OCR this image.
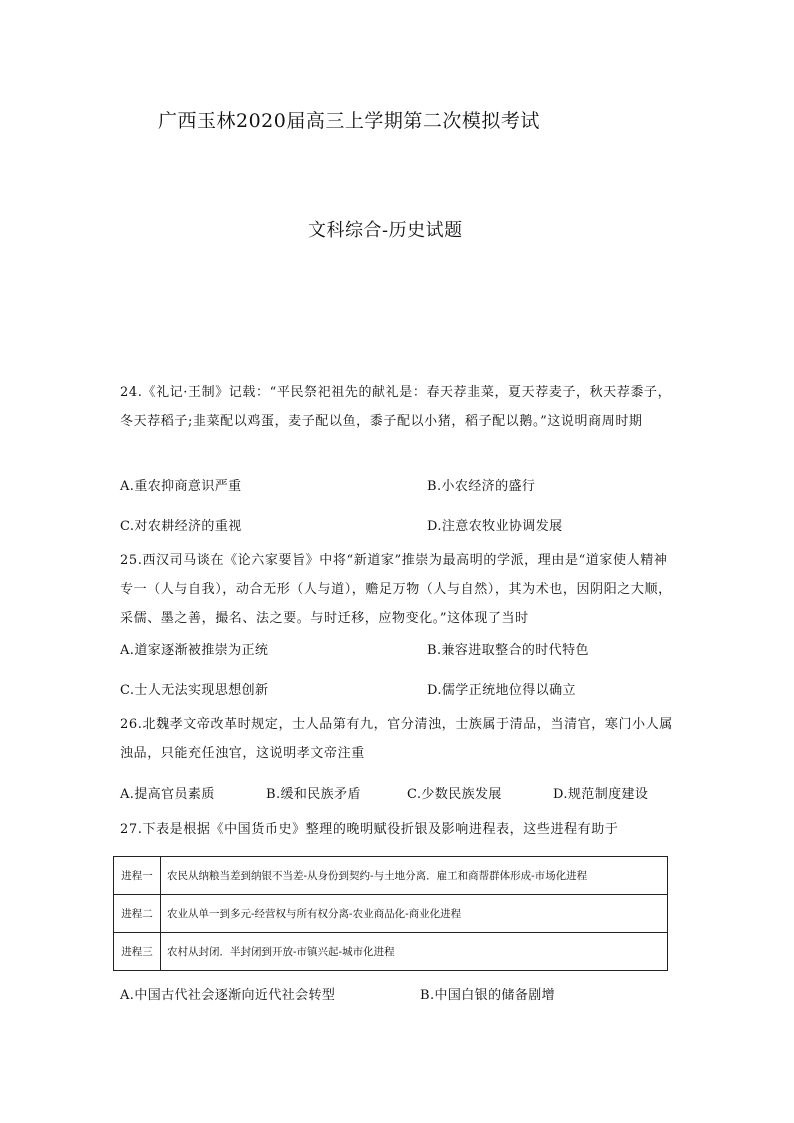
广西玉林2020届高三上学期第二次模拟考试
文科综合-历史试题
24.《礼记·王制》记载：“平民祭祀祖先的献礼是：春天荐韭菜，夏天荐麦子，秋天荐黍子，冬天荐稻子;韭菜配以鸡蛋，麦子配以鱼，黍子配以小猪，稻子配以鹅。”这说明商周时期
A.重农抑商意识严重	B.小农经济的盛行
C.对农耕经济的重视	D.注意农牧业协调发展
25.西汉司马谈在《论六家要旨》中将“新道家”推崇为最高明的学派，理由是“道家使人精神专一（人与自我），动合无形（人与道），赡足万物（人与自然），其为术也，因阴阳之大顺，采儒、墨之善，撮名、法之要。与时迁移，应物变化。”这体现了当时
A.道家逐渐被推崇为正统	B.兼容进取整合的时代特色
C.士人无法实现思想创新	D.儒学正统地位得以确立
26.北魏孝文帝改革时规定，士人品第有九，官分清浊，士族属于清品，当清官，寒门小人属浊品，只能充任浊官，这说明孝文帝注重
A.提高官员素质	B.缓和民族矛盾	C.少数民族发展	D.规范制度建设
27.下表是根据《中国货币史》整理的晚明赋役折银及影响进程表，这些进程有助于
进程一	农民从纳粮当差到纳银不当差-从身份到契约-与土地分离．雇工和商帮群体形成-市场化进程
进程二	农业从单一到多元-经营权与所有权分离-农业商品化-商业化进程
进程三	农村从封闭．半封闭到开放-市镇兴起-城市化进程
A.中国古代社会逐渐向近代社会转型	B.中国白银的储备剧增
